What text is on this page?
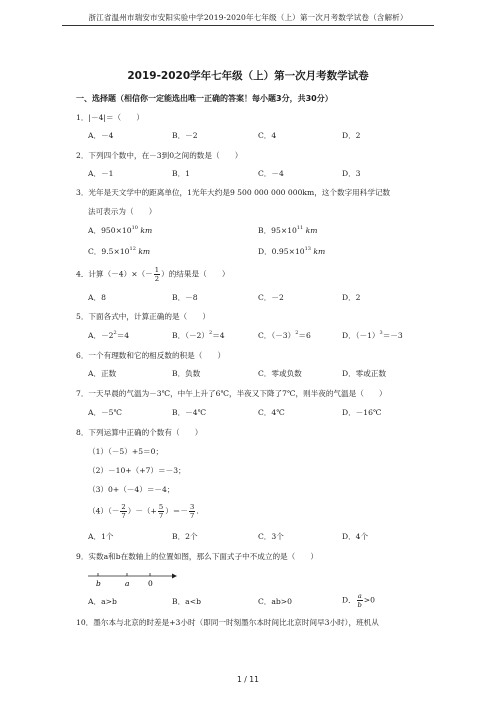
浙江省温州市瑞安市安阳实验中学2019-2020年七年级（上）第一次月考数学试卷（含解析）
2019-2020学年七年级（上）第一次月考数学试卷
一、选择题（相信你一定能选出唯一正确的答案！每小题3分，共30分）
1．|－4|＝（　　）
A．－4	B．－2	C．4	D．2
2．下列四个数中，在－3到0之间的数是（　　）
A．－1	B．1	C．－4	D．3
3．光年是天文学中的距离单位，1光年大约是9 500 000 000 000km，这个数字用科学记数
法可表示为（　　）
A．$950\times 10^{10}$ km	B．$95\times 10^{11}$ km
C．$9.5\times 10^{12}$ km	D．$0.95\times 10^{13}$ km
4．计算$(-4)\times(- \frac{1}{2}$ ）的结果是（　　）
A．8	B．－8	C．－2	D．2
5．下面各式中，计算正确的是（　　）
A．$-2^2=4$	B．$(-2)^2=4$	C．$(-3)^2=6$	D．$(-1)^3=-3$
6．一个有理数和它的相反数的积是（　　）
A．正数	B．负数	C．零或负数	D．零或正数
7．一天早晨的气温为－3℃，中午上升了6℃，半夜又下降了7℃，则半夜的气温是（　　）
A．－5℃	B．－4℃	C．4℃	D．－16℃
8．下列运算中正确的个数有（　　）
（1）（－5）+5＝0；
（2）－10+（+7）＝－3；
（3）0+（－4）＝－4；
$(4)(- \frac{2}{7}$ ）－（+ $\frac{5}{7}$ ）＝－ $\frac{3}{7}$ .
A．1个	B．2个	C．3个	D．4个
9．实数a和b在数轴上的位置如图，那么下面式子中不成立的是（　　）
b	a 0
A．a>b	B．a<b	C．ab>0	D． $\frac{a}{b} >0$
10．墨尔本与北京的时差是+3小时（即同一时刻墨尔本时间比北京时间早3小时），班机从
1 / 11
